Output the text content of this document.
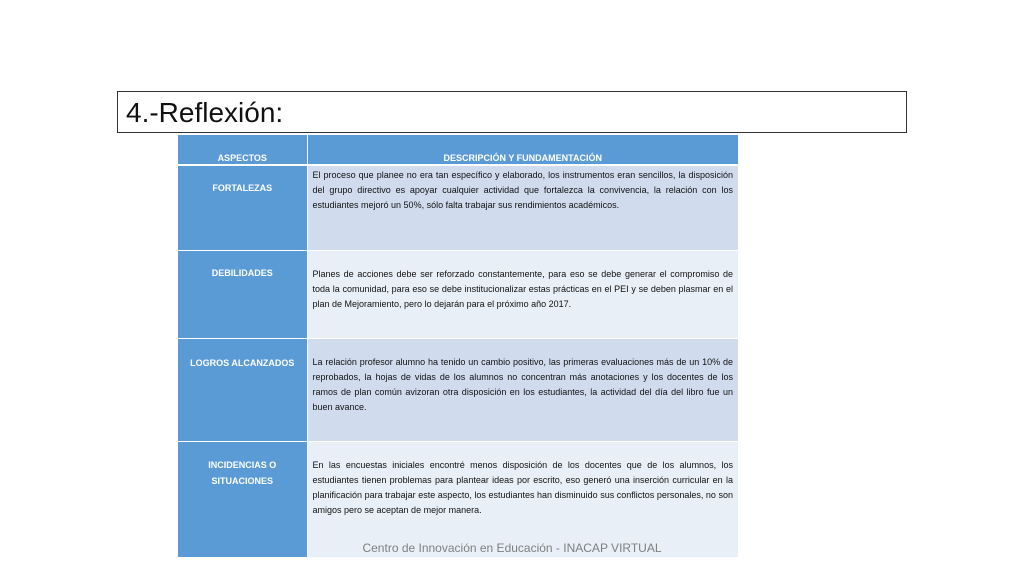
4.-Reflexión:
ASPECTOS	DESCRIPCIÓN Y FUNDAMENTACIÓN
FORTALEZAS	El proceso que planee no era tan específico y elaborado, los instrumentos eran sencillos, la disposición del grupo directivo es apoyar cualquier actividad que fortalezca la convivencia, la relación con los estudiantes mejoró un 50%, sólo falta trabajar sus rendimientos académicos.
DEBILIDADES	Planes de acciones debe ser reforzado constantemente, para eso se debe generar el compromiso de toda la comunidad, para eso se debe institucionalizar estas prácticas en el PEI y se deben plasmar en el plan de Mejoramiento, pero lo dejarán para el próximo año 2017.
LOGROS ALCANZADOS	La relación profesor alumno ha tenido un cambio positivo, las primeras evaluaciones más de un 10% de reprobados, la hojas de vidas de los alumnos no concentran más anotaciones y los docentes de los ramos de plan común avizoran otra disposición en los estudiantes, la actividad del día del libro fue un buen avance.
INCIDENCIAS O SITUACIONES	En las encuestas iniciales encontré menos disposición de los docentes que de los alumnos, los estudiantes tienen problemas para plantear ideas por escrito, eso generó una inserción curricular en la planificación para trabajar este aspecto, los estudiantes han disminuido sus conflictos personales, no son amigos pero se aceptan de mejor manera.
Centro de Innovación en Educación - INACAP VIRTUAL
